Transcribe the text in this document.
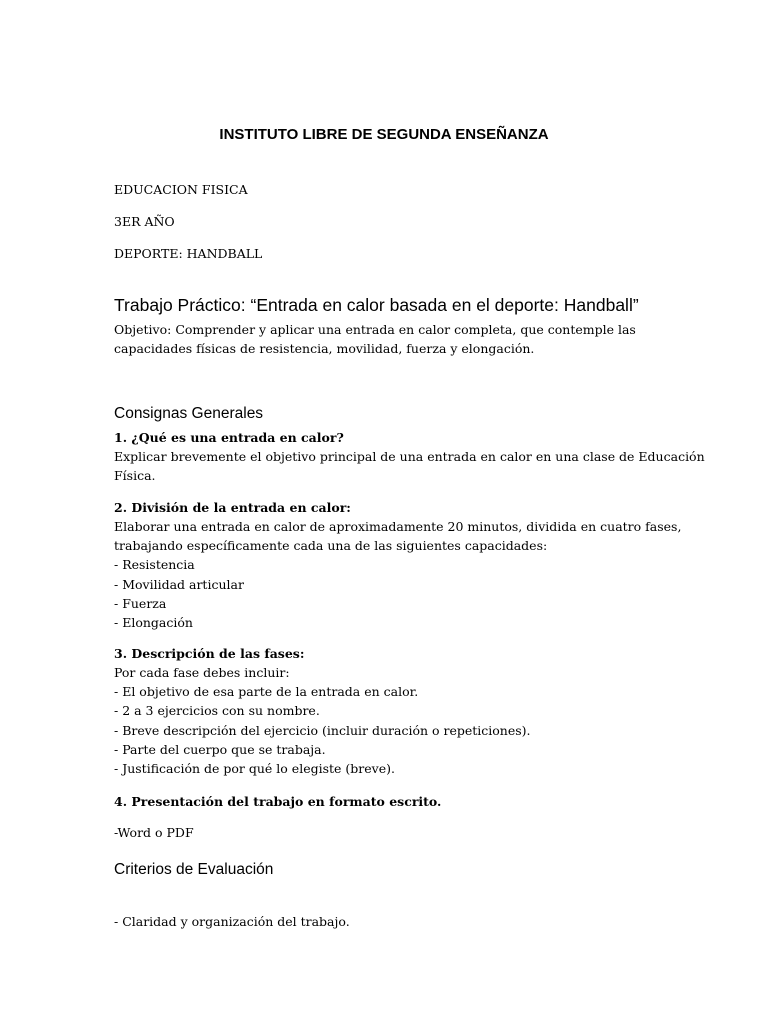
INSTITUTO LIBRE DE SEGUNDA ENSEÑANZA
EDUCACION FISICA
3ER AÑO
DEPORTE: HANDBALL
Trabajo Práctico: “Entrada en calor basada en el deporte: Handball”
Objetivo: Comprender y aplicar una entrada en calor completa, que contemple las
capacidades físicas de resistencia, movilidad, fuerza y elongación.
Consignas Generales

1. ¿Qué es una entrada en calor?

Explicar brevemente el objetivo principal de una entrada en calor en una clase de Educación
Física.

2. División de la entrada en calor:

Elaborar una entrada en calor de aproximadamente 20 minutos, dividida en cuatro fases,
trabajando específicamente cada una de las siguientes capacidades:
- Resistencia
- Movilidad articular
- Fuerza
- Elongación

3. Descripción de las fases:

Por cada fase debes incluir:
- El objetivo de esa parte de la entrada en calor.
- 2 a 3 ejercicios con su nombre.
- Breve descripción del ejercicio (incluir duración o repeticiones).
- Parte del cuerpo que se trabaja.
- Justificación de por qué lo elegiste (breve).

4. Presentación del trabajo en formato escrito.

-Word o PDF

Criterios de Evaluación
- Claridad y organización del trabajo.
